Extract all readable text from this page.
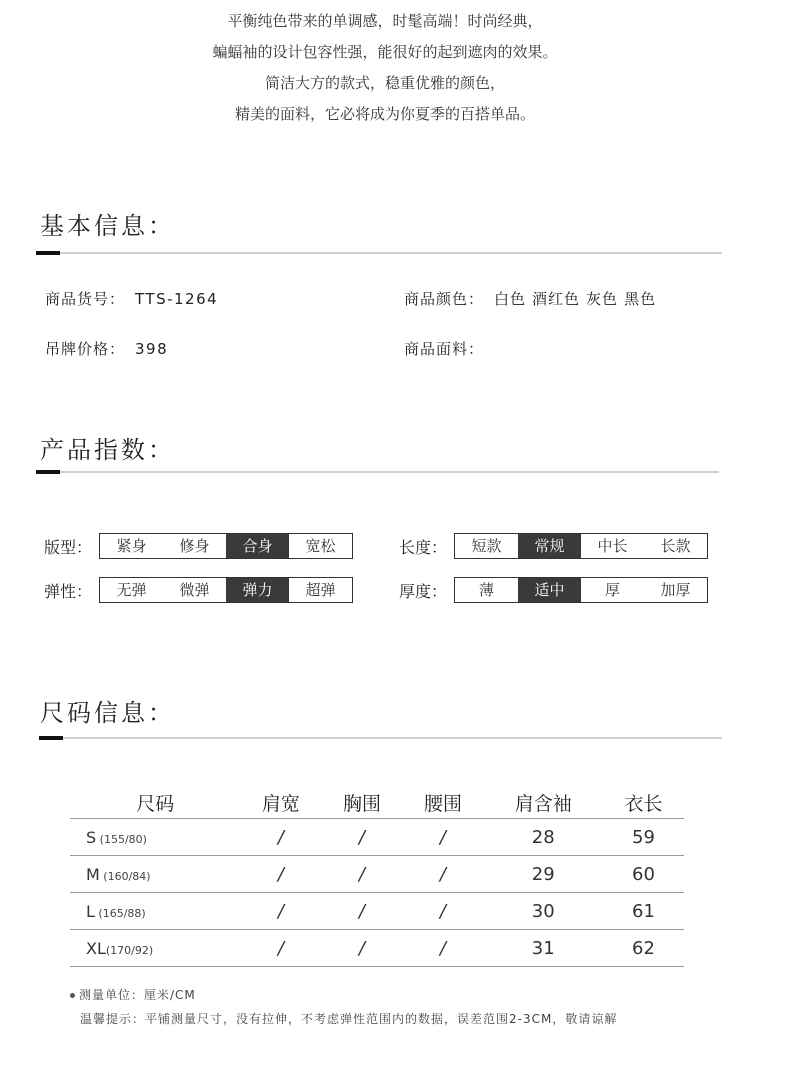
平衡纯色带来的单调感，时髦高端！时尚经典，

蝙蝠袖的设计包容性强，能很好的起到遮肉的效果。

简洁大方的款式，稳重优雅的颜色，

精美的面料，它必将成为你夏季的百搭单品。

基本信息：
商品货号： TTS-1264	商品颜色： 白色 酒红色 灰色 黑色
吊牌价格： 398	商品面料：
产品指数：
版型：	紧身	修身	合身	宽松	长度：	短款	常规	中长	长款
弹性：	无弹	微弹	弹力	超弹	厚度：	薄	适中	厚	加厚
尺码信息：
尺码	肩宽	胸围	腰围	肩含袖	衣长
S (155/80)	/	/	/	28	59
M (160/84)	/	/	/	29	60
L (165/88)	/	/	/	30	61
XL(170/92)	/	/	/	31	62
测量单位：厘米/CM
温馨提示：平铺测量尺寸，没有拉伸，不考虑弹性范围内的数据，误差范围2-3CM，敬请谅解
